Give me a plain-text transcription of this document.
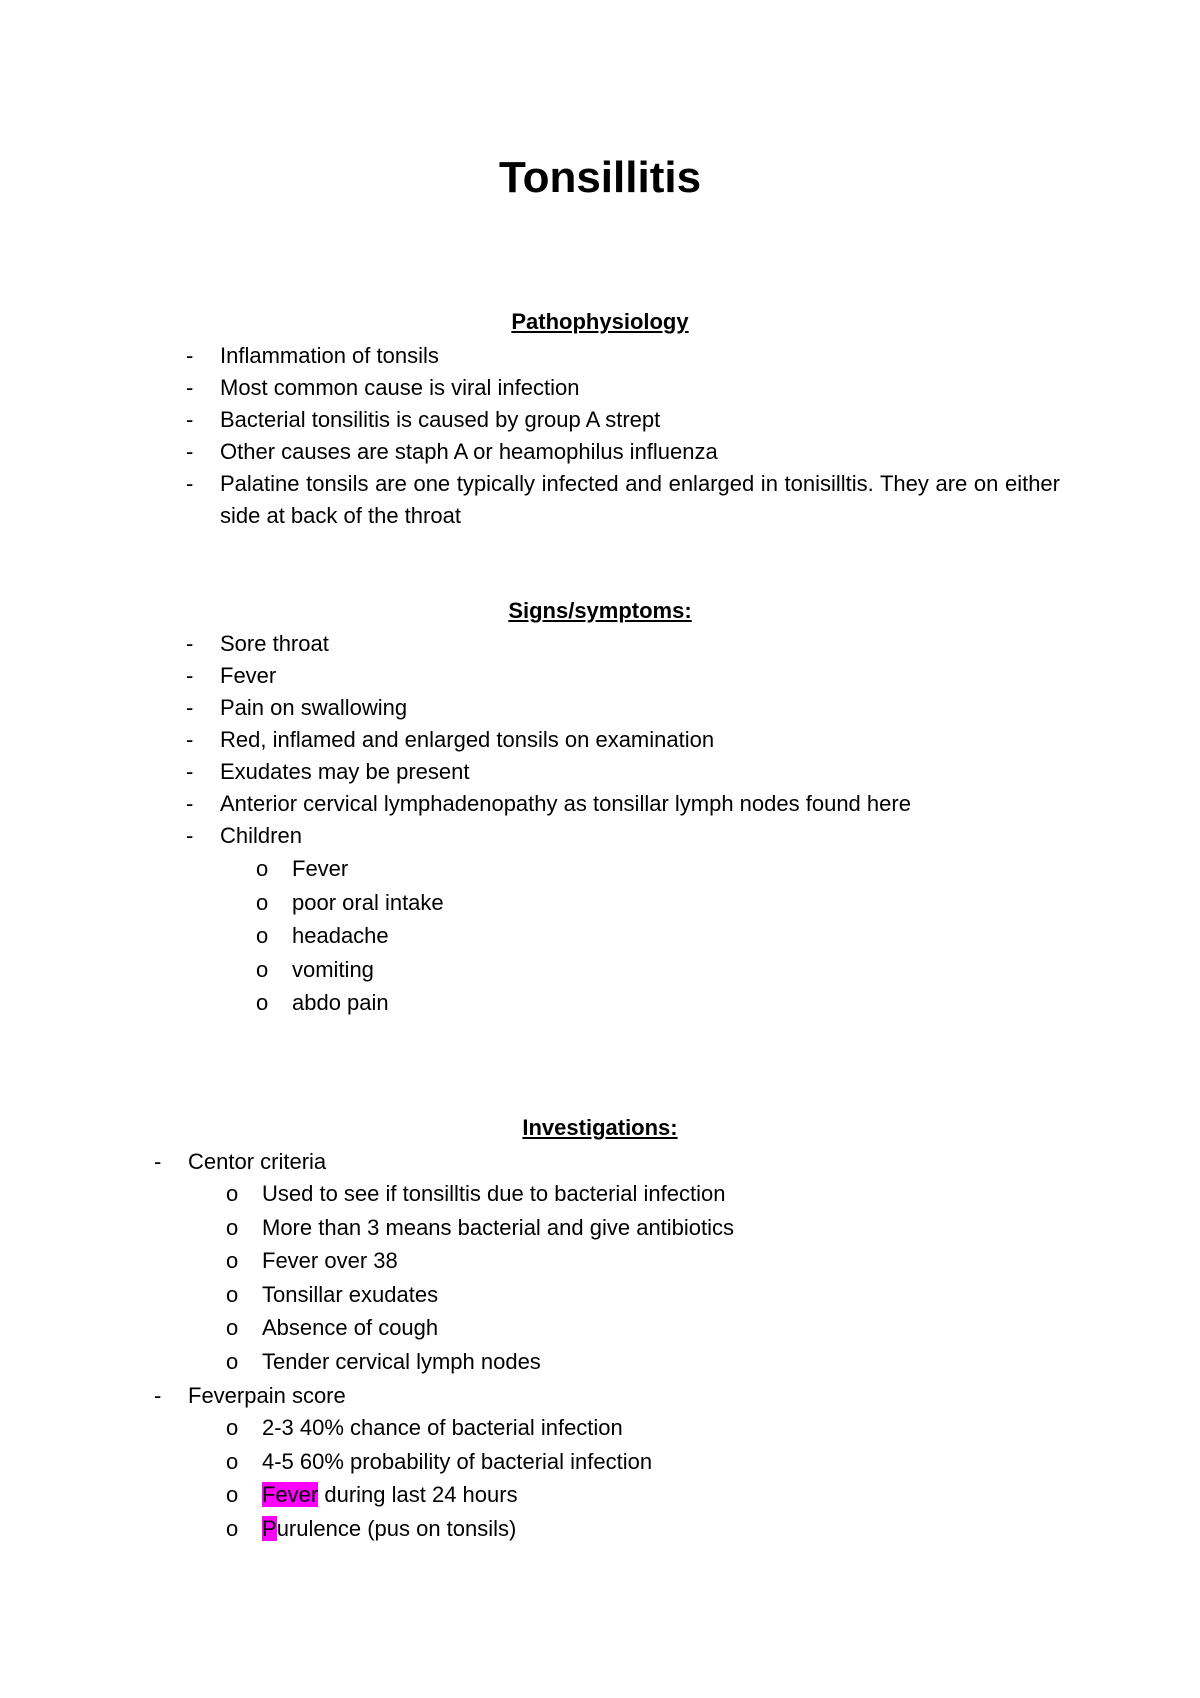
Tonsillitis
Pathophysiology
- Inflammation of tonsils
- Most common cause is viral infection
- Bacterial tonsilitis is caused by group A strept
- Other causes are staph A or heamophilus influenza
- Palatine tonsils are one typically infected and enlarged in tonisilltis. They are on either side at back of the throat
Signs/symptoms:
- Sore throat
- Fever
- Pain on swallowing
- Red, inflamed and enlarged tonsils on examination
- Exudates may be present
- Anterior cervical lymphadenopathy as tonsillar lymph nodes found here
- Children
o Fever
o poor oral intake
o headache
o vomiting
o abdo pain
Investigations:
- Centor criteria
o Used to see if tonsilltis due to bacterial infection
o More than 3 means bacterial and give antibiotics
o Fever over 38
o Tonsillar exudates
o Absence of cough
o Tender cervical lymph nodes
- Feverpain score
o 2-3 40% chance of bacterial infection
o 4-5 60% probability of bacterial infection
o Fever during last 24 hours
o Purulence (pus on tonsils)
